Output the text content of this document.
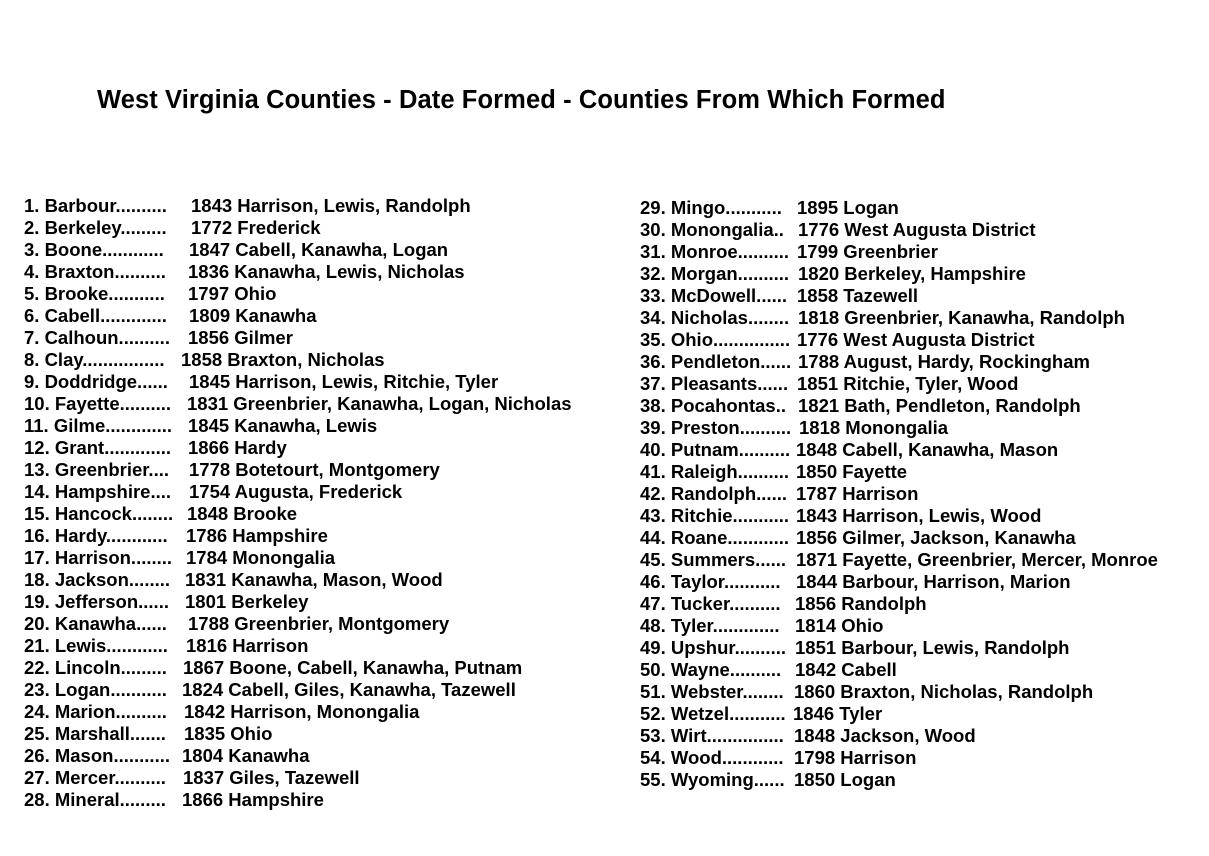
West Virginia Counties - Date Formed - Counties From Which Formed
1. Barbour.......... 1843 Harrison, Lewis, Randolph
2. Berkeley......... 1772 Frederick
3. Boone............ 1847 Cabell, Kanawha, Logan
4. Braxton.......... 1836 Kanawha, Lewis, Nicholas
5. Brooke........... 1797 Ohio
6. Cabell............. 1809 Kanawha
7. Calhoun.......... 1856 Gilmer
8. Clay................ 1858 Braxton, Nicholas
9. Doddridge...... 1845 Harrison, Lewis, Ritchie, Tyler
10. Fayette.......... 1831 Greenbrier, Kanawha, Logan, Nicholas
11. Gilme............. 1845 Kanawha, Lewis
12. Grant............. 1866 Hardy
13. Greenbrier.... 1778 Botetourt, Montgomery
14. Hampshire.... 1754 Augusta, Frederick
15. Hancock........ 1848 Brooke
16. Hardy............ 1786 Hampshire
17. Harrison........ 1784 Monongalia
18. Jackson........ 1831 Kanawha, Mason, Wood
19. Jefferson...... 1801 Berkeley
20. Kanawha...... 1788 Greenbrier, Montgomery
21. Lewis............ 1816 Harrison
22. Lincoln......... 1867 Boone, Cabell, Kanawha, Putnam
23. Logan........... 1824 Cabell, Giles, Kanawha, Tazewell
24. Marion.......... 1842 Harrison, Monongalia
25. Marshall....... 1835 Ohio
26. Mason........... 1804 Kanawha
27. Mercer.......... 1837 Giles, Tazewell
28. Mineral......... 1866 Hampshire
29. Mingo........... 1895 Logan
30. Monongalia.. 1776 West Augusta District
31. Monroe.......... 1799 Greenbrier
32. Morgan.......... 1820 Berkeley, Hampshire
33. McDowell...... 1858 Tazewell
34. Nicholas........ 1818 Greenbrier, Kanawha, Randolph
35. Ohio............... 1776 West Augusta District
36. Pendleton...... 1788 August, Hardy, Rockingham
37. Pleasants...... 1851 Ritchie, Tyler, Wood
38. Pocahontas.. 1821 Bath, Pendleton, Randolph
39. Preston.......... 1818 Monongalia
40. Putnam.......... 1848 Cabell, Kanawha, Mason
41. Raleigh.......... 1850 Fayette
42. Randolph...... 1787 Harrison
43. Ritchie........... 1843 Harrison, Lewis, Wood
44. Roane............ 1856 Gilmer, Jackson, Kanawha
45. Summers...... 1871 Fayette, Greenbrier, Mercer, Monroe
46. Taylor........... 1844 Barbour, Harrison, Marion
47. Tucker.......... 1856 Randolph
48. Tyler............. 1814 Ohio
49. Upshur.......... 1851 Barbour, Lewis, Randolph
50. Wayne.......... 1842 Cabell
51. Webster........ 1860 Braxton, Nicholas, Randolph
52. Wetzel........... 1846 Tyler
53. Wirt............... 1848 Jackson, Wood
54. Wood............ 1798 Harrison
55. Wyoming...... 1850 Logan
